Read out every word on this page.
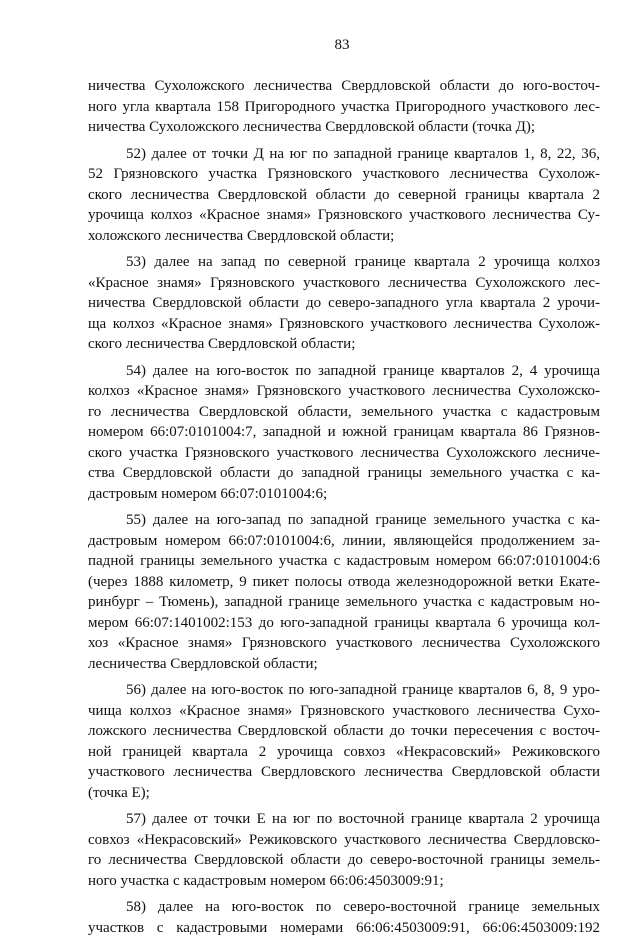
83
ничества Сухоложского лесничества Свердловской области до юго-восточ-
ного угла квартала 158 Пригородного участка Пригородного участкового лес-
ничества Сухоложского лесничества Свердловской области (точка Д);
52) далее от точки Д на юг по западной границе кварталов 1, 8, 22, 36,
52 Грязновского участка Грязновского участкового лесничества Сухолож-
ского лесничества Свердловской области до северной границы квартала 2
урочища колхоз «Красное знамя» Грязновского участкового лесничества Су-
холожского лесничества Свердловской области;
53) далее на запад по северной границе квартала 2 урочища колхоз
«Красное знамя» Грязновского участкового лесничества Сухоложского лес-
ничества Свердловской области до северо-западного угла квартала 2 урочи-
ща колхоз «Красное знамя» Грязновского участкового лесничества Сухолож-
ского лесничества Свердловской области;
54) далее на юго-восток по западной границе кварталов 2, 4 урочища
колхоз «Красное знамя» Грязновского участкового лесничества Сухоложско-
го лесничества Свердловской области, земельного участка с кадастровым
номером 66:07:0101004:7, западной и южной границам квартала 86 Грязнов-
ского участка Грязновского участкового лесничества Сухоложского лесниче-
ства Свердловской области до западной границы земельного участка с ка-
дастровым номером 66:07:0101004:6;
55) далее на юго-запад по западной границе земельного участка с ка-
дастровым номером 66:07:0101004:6, линии, являющейся продолжением за-
падной границы земельного участка с кадастровым номером 66:07:0101004:6
(через 1888 километр, 9 пикет полосы отвода железнодорожной ветки Екате-
ринбург – Тюмень), западной границе земельного участка с кадастровым но-
мером 66:07:1401002:153 до юго-западной границы квартала 6 урочища кол-
хоз «Красное знамя» Грязновского участкового лесничества Сухоложского
лесничества Свердловской области;
56) далее на юго-восток по юго-западной границе кварталов 6, 8, 9 уро-
чища колхоз «Красное знамя» Грязновского участкового лесничества Сухо-
ложского лесничества Свердловской области до точки пересечения с восточ-
ной границей квартала 2 урочища совхоз «Некрасовский» Режиковского
участкового лесничества Свердловского лесничества Свердловской области
(точка Е);
57) далее от точки Е на юг по восточной границе квартала 2 урочища
совхоз «Некрасовский» Режиковского участкового лесничества Свердловско-
го лесничества Свердловской области до северо-восточной границы земель-
ного участка с кадастровым номером 66:06:4503009:91;
58) далее на юго-восток по северо-восточной границе земельных
участков с кадастровыми номерами 66:06:4503009:91, 66:06:4503009:192
